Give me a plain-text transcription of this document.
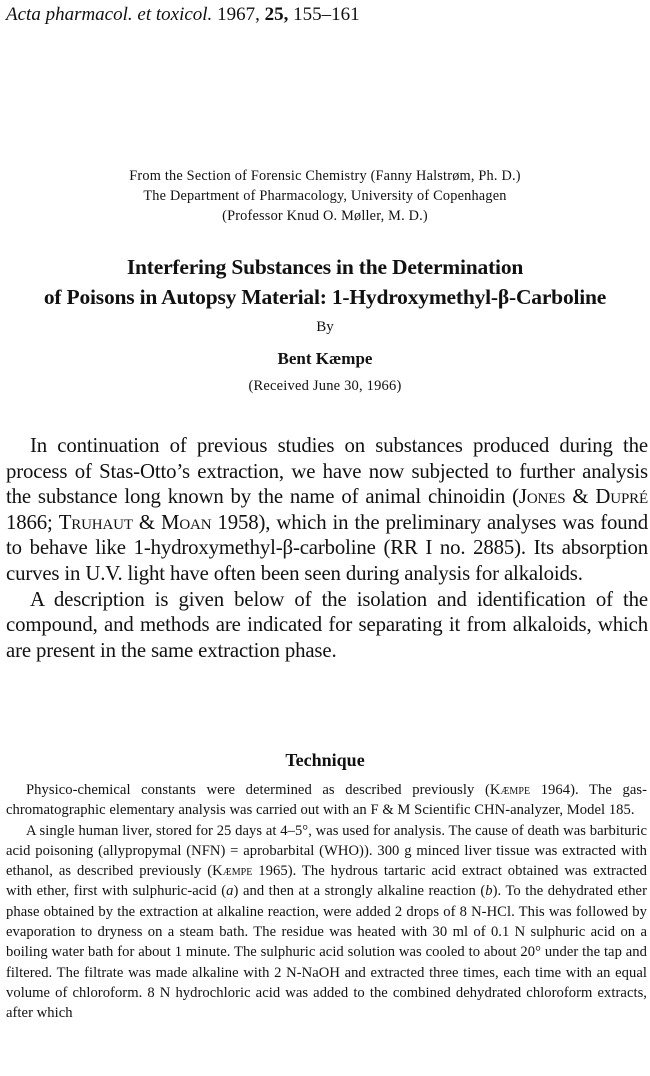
Acta pharmacol. et toxicol. 1967, 25, 155–161
From the Section of Forensic Chemistry (Fanny Halstrøm, Ph. D.)
The Department of Pharmacology, University of Copenhagen
(Professor Knud O. Møller, M. D.)
Interfering Substances in the Determination
of Poisons in Autopsy Material: 1-Hydroxymethyl-β-Carboline
By
Bent Kæmpe
(Received June 30, 1966)

In continuation of previous studies on substances produced during the process of Stas-Otto’s extraction, we have now subjected to further analysis the substance long known by the name of animal chinoidin (Jones & Dupré 1866; Truhaut & Moan 1958), which in the preliminary analyses was found to behave like 1-hydroxymethyl-β-carboline (RR I no. 2885). Its absorption curves in U.V. light have often been seen during analysis for alkaloids.

A description is given below of the isolation and identification of the compound, and methods are indicated for separating it from alkaloids, which are present in the same extraction phase.

Technique

Physico-chemical constants were determined as described previously (Kæmpe 1964). The gas-chromatographic elementary analysis was carried out with an F & M Scientific CHN-analyzer, Model 185.

A single human liver, stored for 25 days at 4–5°, was used for analysis. The cause of death was barbituric acid poisoning (allypropymal (NFN) = aprobarbital (WHO)). 300 g minced liver tissue was extracted with ethanol, as described previously (Kæmpe 1965). The hydrous tartaric acid extract obtained was extracted with ether, first with sulphuric-acid (a) and then at a strongly alkaline reaction (b). To the dehydrated ether phase obtained by the extraction at alkaline reaction, were added 2 drops of 8 N-HCl. This was followed by evaporation to dryness on a steam bath. The residue was heated with 30 ml of 0.1 N sulphuric acid on a boiling water bath for about 1 minute. The sulphuric acid solution was cooled to about 20° under the tap and filtered. The filtrate was made alkaline with 2 N-NaOH and extracted three times, each time with an equal volume of chloroform. 8 N hydrochloric acid was added to the combined dehydrated chloroform extracts, after which
